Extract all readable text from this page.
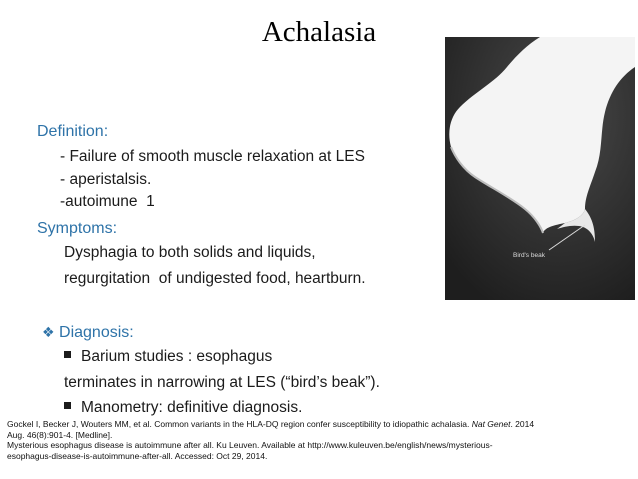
Achalasia
Bird's beak
Definition:
- Failure of smooth muscle relaxation at LES
- aperistalsis.
-autoimune  1
Symptoms:
Dysphagia to both solids and liquids,
regurgitation  of undigested food, heartburn.
❖ Diagnosis:
Barium studies : esophagus
terminates in narrowing at LES (“bird’s beak”).
Manometry: definitive diagnosis.
Gockel I, Becker J, Wouters MM, et al. Common variants in the HLA-DQ region confer susceptibility to idiopathic achalasia. Nat Genet. 2014
Aug. 46(8):901-4. [Medline].
Mysterious esophagus disease is autoimmune after all. Ku Leuven. Available at http://www.kuleuven.be/english/news/mysterious-
esophagus-disease-is-autoimmune-after-all. Accessed: Oct 29, 2014.
